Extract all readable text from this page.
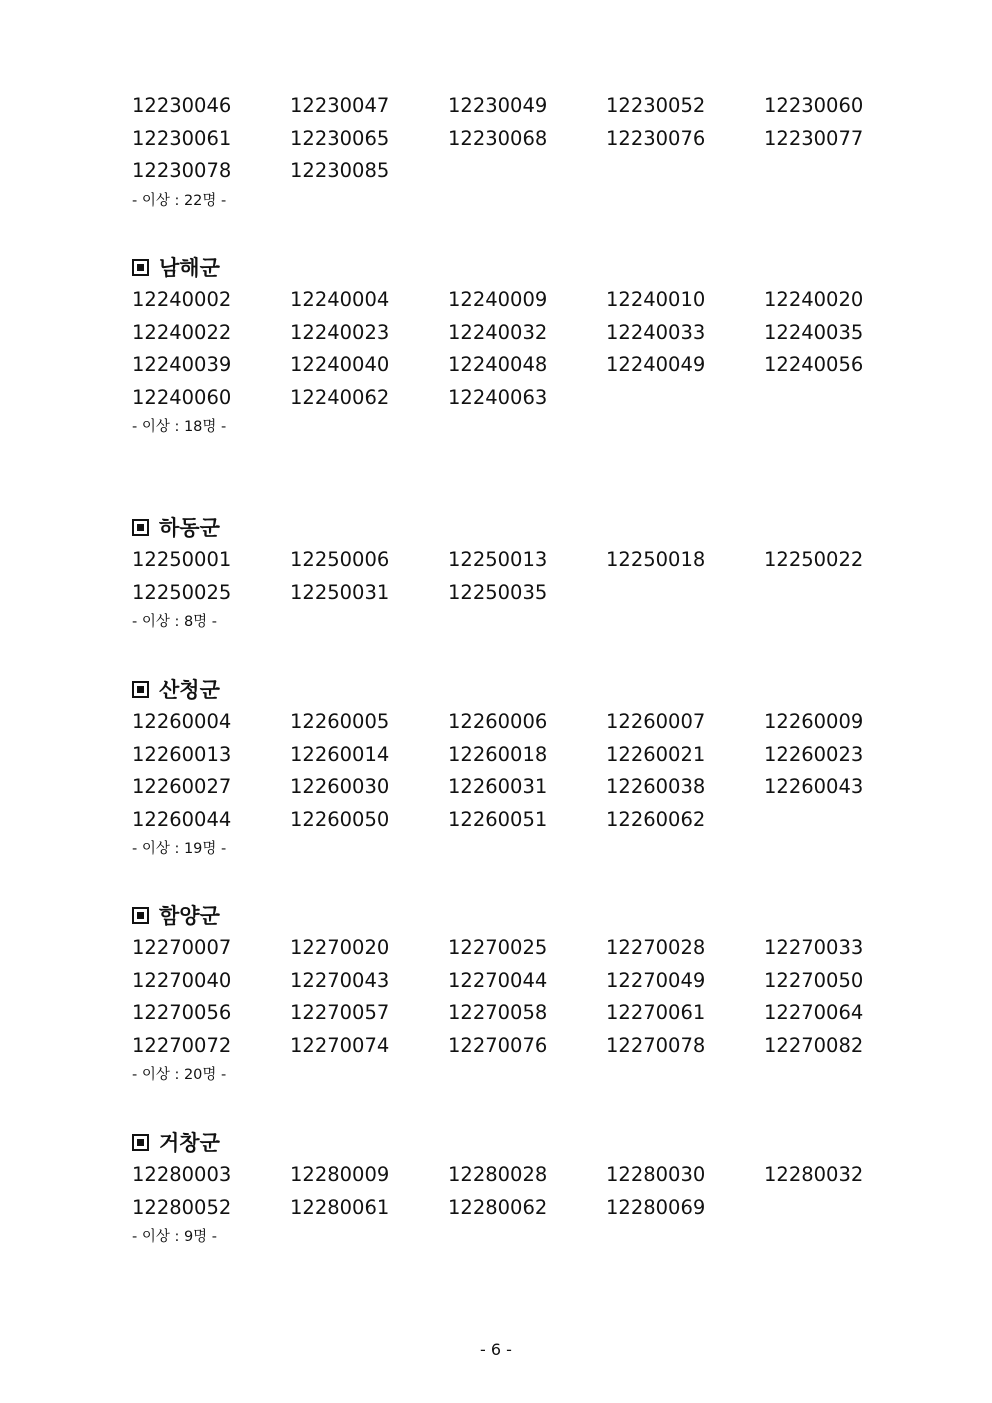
12230046	12230047	12230049	12230052	12230060
12230061	12230065	12230068	12230076	12230077
12230078	12230085
- 이상 : 22명 -
남해군
12240002	12240004	12240009	12240010	12240020
12240022	12240023	12240032	12240033	12240035
12240039	12240040	12240048	12240049	12240056
12240060	12240062	12240063
- 이상 : 18명 -
하동군
12250001	12250006	12250013	12250018	12250022
12250025	12250031	12250035
- 이상 : 8명 -
산청군
12260004	12260005	12260006	12260007	12260009
12260013	12260014	12260018	12260021	12260023
12260027	12260030	12260031	12260038	12260043
12260044	12260050	12260051	12260062
- 이상 : 19명 -
함양군
12270007	12270020	12270025	12270028	12270033
12270040	12270043	12270044	12270049	12270050
12270056	12270057	12270058	12270061	12270064
12270072	12270074	12270076	12270078	12270082
- 이상 : 20명 -
거창군
12280003	12280009	12280028	12280030	12280032
12280052	12280061	12280062	12280069
- 이상 : 9명 -
- 6 -
